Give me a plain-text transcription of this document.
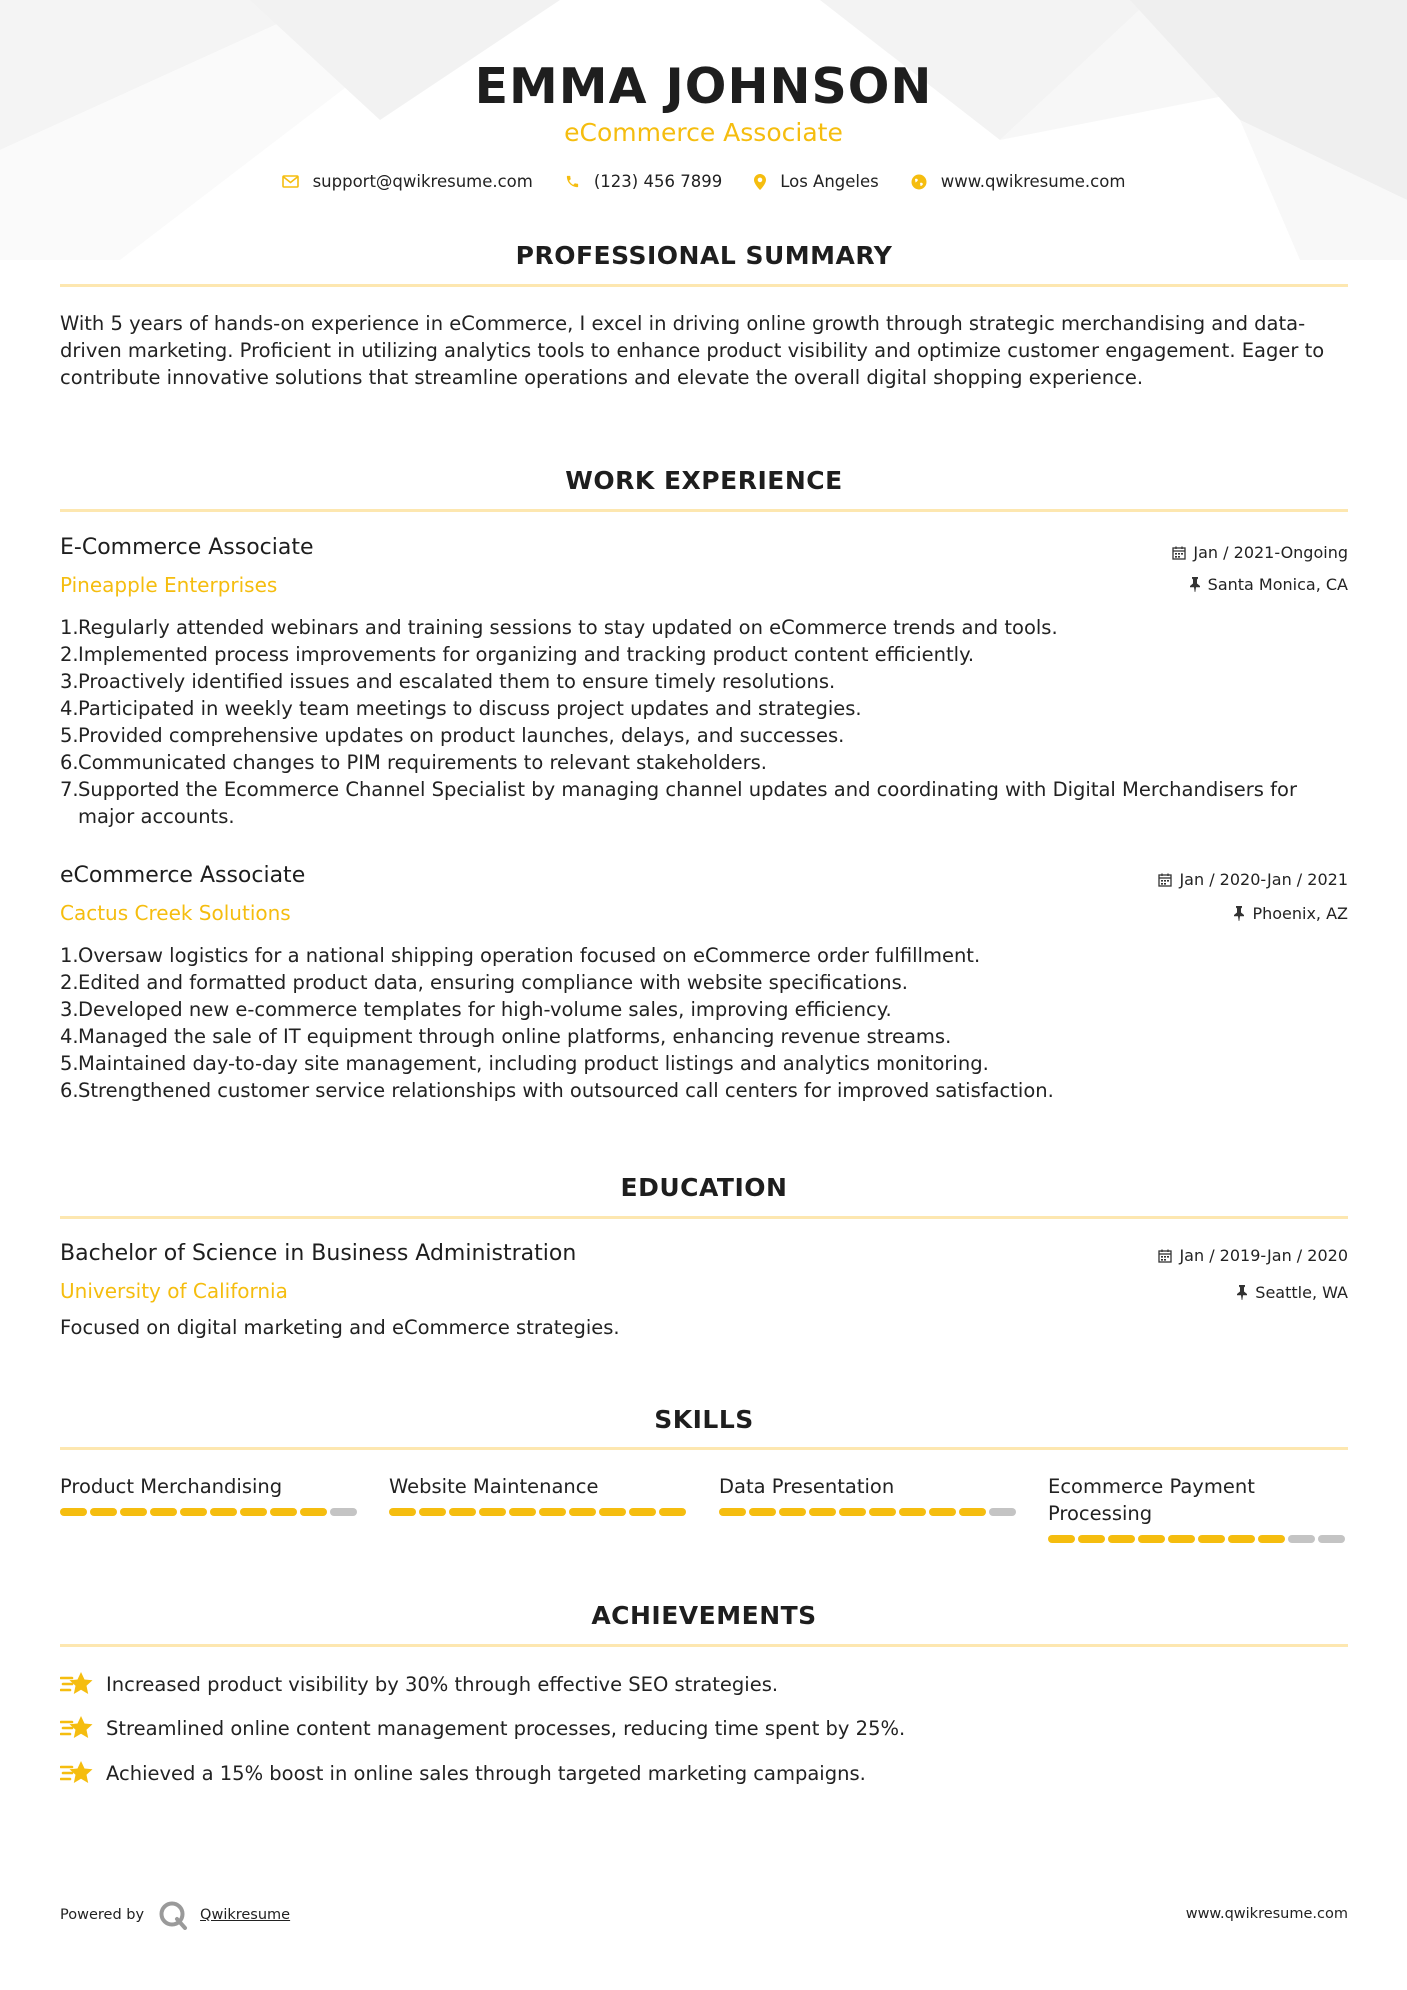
EMMA JOHNSON
eCommerce Associate
support@qwikresume.com	(123) 456 7899	Los Angeles	www.qwikresume.com
PROFESSIONAL SUMMARY
With 5 years of hands-on experience in eCommerce, I excel in driving online growth through strategic merchandising and data-driven marketing. Proficient in utilizing analytics tools to enhance product visibility and optimize customer engagement. Eager to contribute innovative solutions that streamline operations and elevate the overall digital shopping experience.
WORK EXPERIENCE
E-Commerce Associate	Jan / 2021-Ongoing
Pineapple Enterprises	Santa Monica, CA
1. Regularly attended webinars and training sessions to stay updated on eCommerce trends and tools.
2. Implemented process improvements for organizing and tracking product content efficiently.
3. Proactively identified issues and escalated them to ensure timely resolutions.
4. Participated in weekly team meetings to discuss project updates and strategies.
5. Provided comprehensive updates on product launches, delays, and successes.
6. Communicated changes to PIM requirements to relevant stakeholders.
7. Supported the Ecommerce Channel Specialist by managing channel updates and coordinating with Digital Merchandisers for major accounts.
eCommerce Associate	Jan / 2020-Jan / 2021
Cactus Creek Solutions	Phoenix, AZ
1. Oversaw logistics for a national shipping operation focused on eCommerce order fulfillment.
2. Edited and formatted product data, ensuring compliance with website specifications.
3. Developed new e-commerce templates for high-volume sales, improving efficiency.
4. Managed the sale of IT equipment through online platforms, enhancing revenue streams.
5. Maintained day-to-day site management, including product listings and analytics monitoring.
6. Strengthened customer service relationships with outsourced call centers for improved satisfaction.
EDUCATION
Bachelor of Science in Business Administration	Jan / 2019-Jan / 2020
University of California	Seattle, WA
Focused on digital marketing and eCommerce strategies.
SKILLS
Product Merchandising	Website Maintenance	Data Presentation	Ecommerce Payment Processing
ACHIEVEMENTS
Increased product visibility by 30% through effective SEO strategies.
Streamlined online content management processes, reducing time spent by 25%.
Achieved a 15% boost in online sales through targeted marketing campaigns.
Powered by	Qwikresume	www.qwikresume.com
